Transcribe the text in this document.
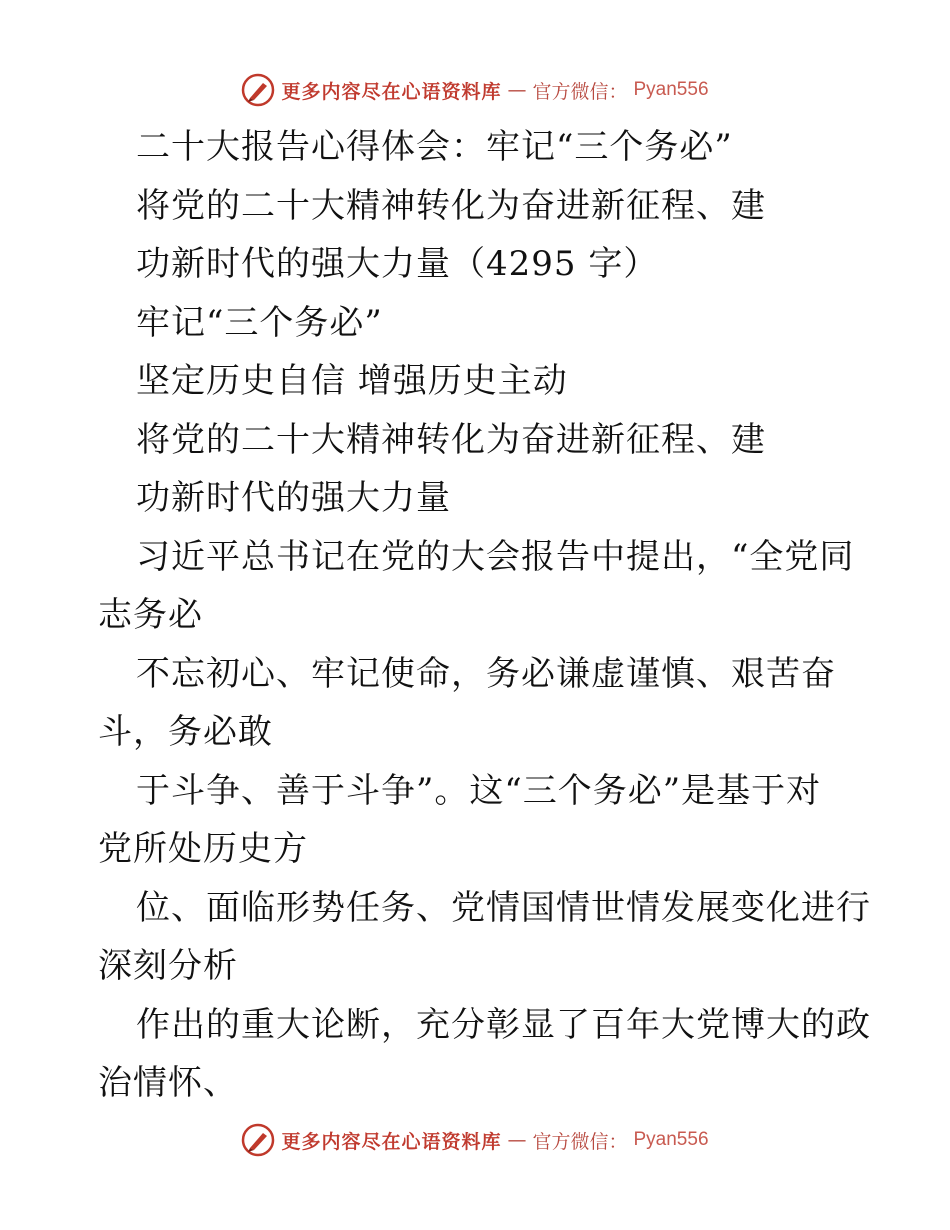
更多内容尽在心语资料库 — 官方微信： Pyan556
二十大报告心得体会：牢记“三个务必”
将党的二十大精神转化为奋进新征程、建
功新时代的强大力量（4295 字）
牢记“三个务必”
坚定历史自信 增强历史主动
将党的二十大精神转化为奋进新征程、建
功新时代的强大力量
习近平总书记在党的大会报告中提出，“全党同
志务必
不忘初心、牢记使命，务必谦虚谨慎、艰苦奋
斗，务必敢
于斗争、善于斗争”。这“三个务必”是基于对
党所处历史方
位、面临形势任务、党情国情世情发展变化进行
深刻分析
作出的重大论断，充分彰显了百年大党博大的政
治情怀、
更多内容尽在心语资料库 — 官方微信： Pyan556
